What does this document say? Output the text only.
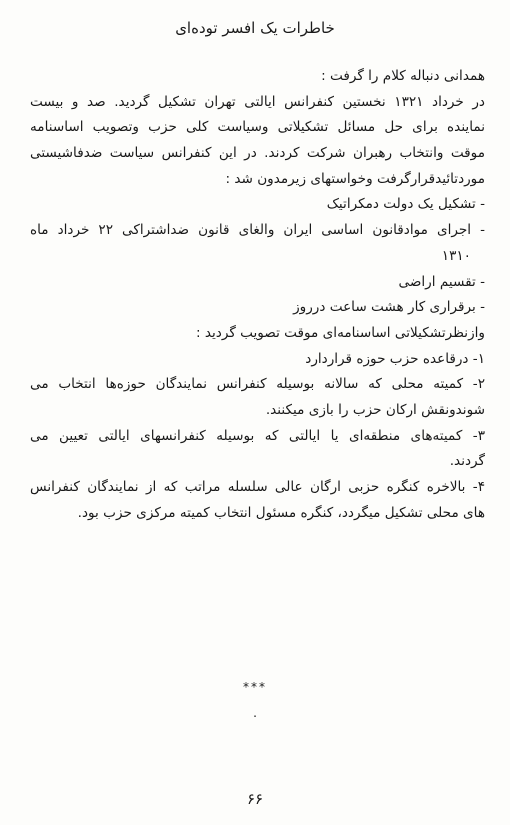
خاطرات یک افسر توده‌ای
همدانی دنباله کلام را گرفت :
در خرداد ۱۳۲۱ نخستین کنفرانس ایالتی تهران تشکیل گردید. صد و بیست
نماینده برای حل مسائل تشکیلاتی وسیاست کلی حزب وتصویب اساسنامه
موقت وانتخاب رهبران شرکت کردند. در این کنفرانس سیاست ضدفاشیستی
موردتائیدقرارگرفت وخواستهای زیرمدون شد :
- تشکیل یک دولت دمکراتیک
- اجرای موادقانون اساسی ایران والغای قانون ضداشتراکی ۲۲ خرداد ماه
۱۳۱۰
- تقسیم اراضی
- برقراری کار هشت ساعت درروز
وازنظرتشکیلاتی اساسنامه‌ای موقت تصویب گردید :
۱- درقاعده حزب حوزه قراردارد
۲- کمیته محلی که سالانه بوسیله کنفرانس نمایندگان حوزه‌ها انتخاب می
شوندونقش ارکان حزب را بازی میکنند.
۳- کمیته‌های منطقه‌ای یا ایالتی که بوسیله کنفرانسهای ایالتی تعیین می
گردند.
۴- بالاخره کنگره حزبی ارگان عالی سلسله مراتب که از نمایندگان کنفرانس
های محلی تشکیل میگردد، کنگره مسئول انتخاب کمیته مرکزی حزب بود.
***
.
۶۶
